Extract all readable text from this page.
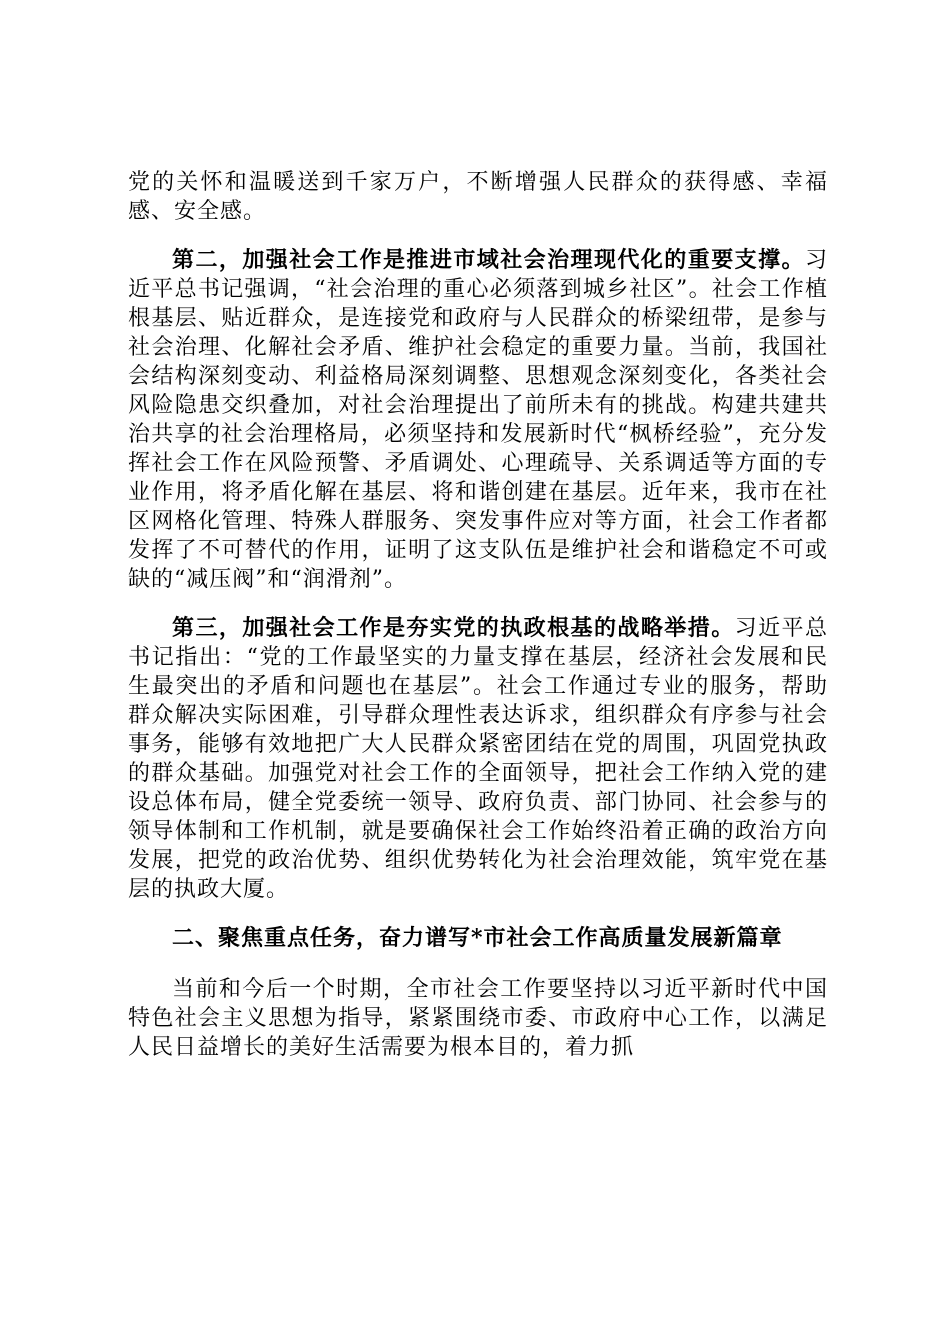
党的关怀和温暖送到千家万户，不断增强人民群众的获得感、幸福感、安全感。

第二，加强社会工作是推进市域社会治理现代化的重要支撑。习近平总书记强调，“社会治理的重心必须落到城乡社区”。社会工作植根基层、贴近群众，是连接党和政府与人民群众的桥梁纽带，是参与社会治理、化解社会矛盾、维护社会稳定的重要力量。当前，我国社会结构深刻变动、利益格局深刻调整、思想观念深刻变化，各类社会风险隐患交织叠加，对社会治理提出了前所未有的挑战。构建共建共治共享的社会治理格局，必须坚持和发展新时代“枫桥经验”，充分发挥社会工作在风险预警、矛盾调处、心理疏导、关系调适等方面的专业作用，将矛盾化解在基层、将和谐创建在基层。近年来，我市在社区网格化管理、特殊人群服务、突发事件应对等方面，社会工作者都发挥了不可替代的作用，证明了这支队伍是维护社会和谐稳定不可或缺的“减压阀”和“润滑剂”。

第三，加强社会工作是夯实党的执政根基的战略举措。习近平总书记指出：“党的工作最坚实的力量支撑在基层，经济社会发展和民生最突出的矛盾和问题也在基层”。社会工作通过专业的服务，帮助群众解决实际困难，引导群众理性表达诉求，组织群众有序参与社会事务，能够有效地把广大人民群众紧密团结在党的周围，巩固党执政的群众基础。加强党对社会工作的全面领导，把社会工作纳入党的建设总体布局，健全党委统一领导、政府负责、部门协同、社会参与的领导体制和工作机制，就是要确保社会工作始终沿着正确的政治方向发展，把党的政治优势、组织优势转化为社会治理效能，筑牢党在基层的执政大厦。

二、聚焦重点任务，奋力谱写*市社会工作高质量发展新篇章

当前和今后一个时期，全市社会工作要坚持以习近平新时代中国特色社会主义思想为指导，紧紧围绕市委、市政府中心工作，以满足人民日益增长的美好生活需要为根本目的，着力抓
